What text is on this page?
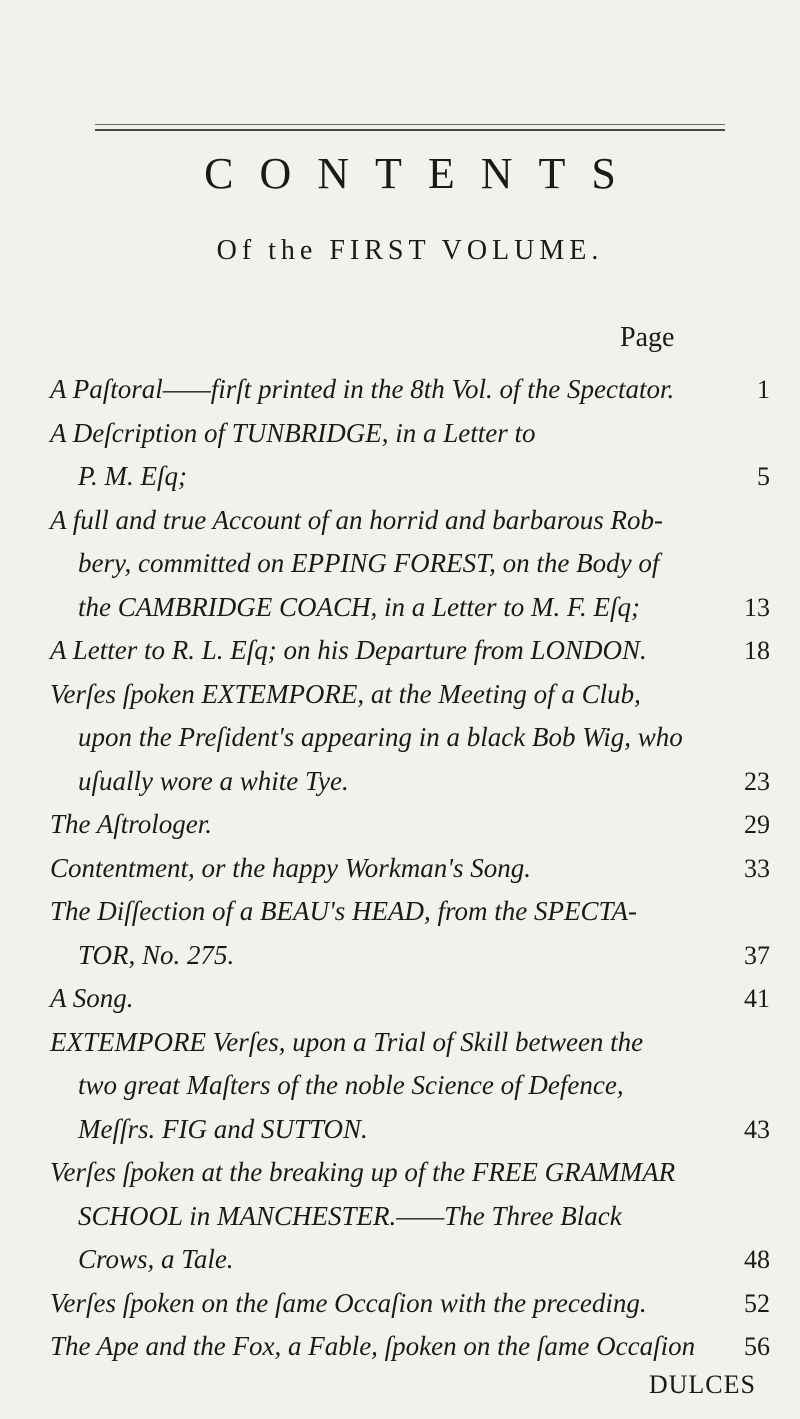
CONTENTS

Of the FIRST VOLUME.

Page
A Paſtoral——firſt printed in the 8th Vol. of the Spectator.	1
A Deſcription of TUNBRIDGE, in a Letter to
P. M. Eſq;	5
A full and true Account of an horrid and barbarous Rob-
bery, committed on EPPING FOREST, on the Body of
the CAMBRIDGE COACH, in a Letter to M. F. Eſq;	13
A Letter to R. L. Eſq; on his Departure from LONDON.	18
Verſes ſpoken EXTEMPORE, at the Meeting of a Club,
upon the Preſident's appearing in a black Bob Wig, who
uſually wore a white Tye.	23
The Aſtrologer.	29
Contentment, or the happy Workman's Song.	33
The Diſſection of a BEAU's HEAD, from the SPECTA-
TOR, No. 275.	37
A Song.	41
EXTEMPORE Verſes, upon a Trial of Skill between the
two great Maſters of the noble Science of Defence,
Meſſrs. FIG and SUTTON.	43
Verſes ſpoken at the breaking up of the FREE GRAMMAR
SCHOOL in MANCHESTER.——The Three Black
Crows, a Tale.	48
Verſes ſpoken on the ſame Occaſion with the preceding.	52
The Ape and the Fox, a Fable, ſpoken on the ſame Occaſion	56
DULCES
